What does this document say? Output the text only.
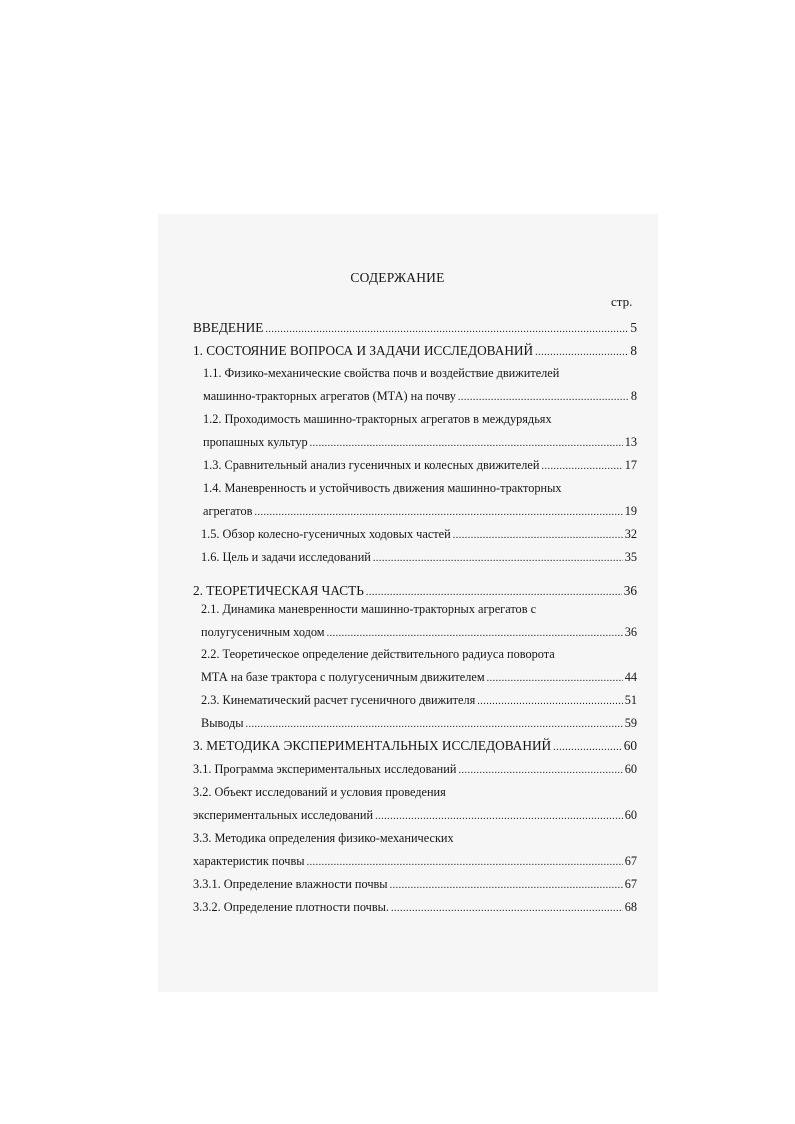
СОДЕРЖАНИЕ
стр.
ВВЕДЕНИЕ .....	5
1. СОСТОЯНИЕ ВОПРОСА И ЗАДАЧИ ИССЛЕДОВАНИЙ .....	8
1.1. Физико-механические свойства почв и воздействие движителей
машинно-тракторных агрегатов (МТА) на почву .....	8
1.2. Проходимость машинно-тракторных агрегатов в междурядьях
пропашных культур .....	13
1.3. Сравнительный анализ гусеничных и колесных движителей .....	17
1.4. Маневренность и устойчивость движения машинно-тракторных
агрегатов .....	19
1.5. Обзор колесно-гусеничных ходовых частей .....	32
1.6. Цель и задачи исследований .....	35
2. ТЕОРЕТИЧЕСКАЯ ЧАСТЬ .....	36
2.1. Динамика маневренности машинно-тракторных агрегатов с
полугусеничным ходом .....	36
2.2. Теоретическое определение действительного радиуса поворота
МТА на базе трактора с полугусеничным движителем .....	44
2.3. Кинематический расчет гусеничного движителя .....	51
Выводы .....	59
3. МЕТОДИКА ЭКСПЕРИМЕНТАЛЬНЫХ ИССЛЕДОВАНИЙ .....	60
3.1. Программа экспериментальных исследований .....	60
3.2. Объект исследований и условия проведения
экспериментальных исследований .....	60
3.3. Методика определения физико-механических
характеристик почвы .....	67
3.3.1. Определение влажности почвы .....	67
3.3.2. Определение плотности почвы. .....	68
